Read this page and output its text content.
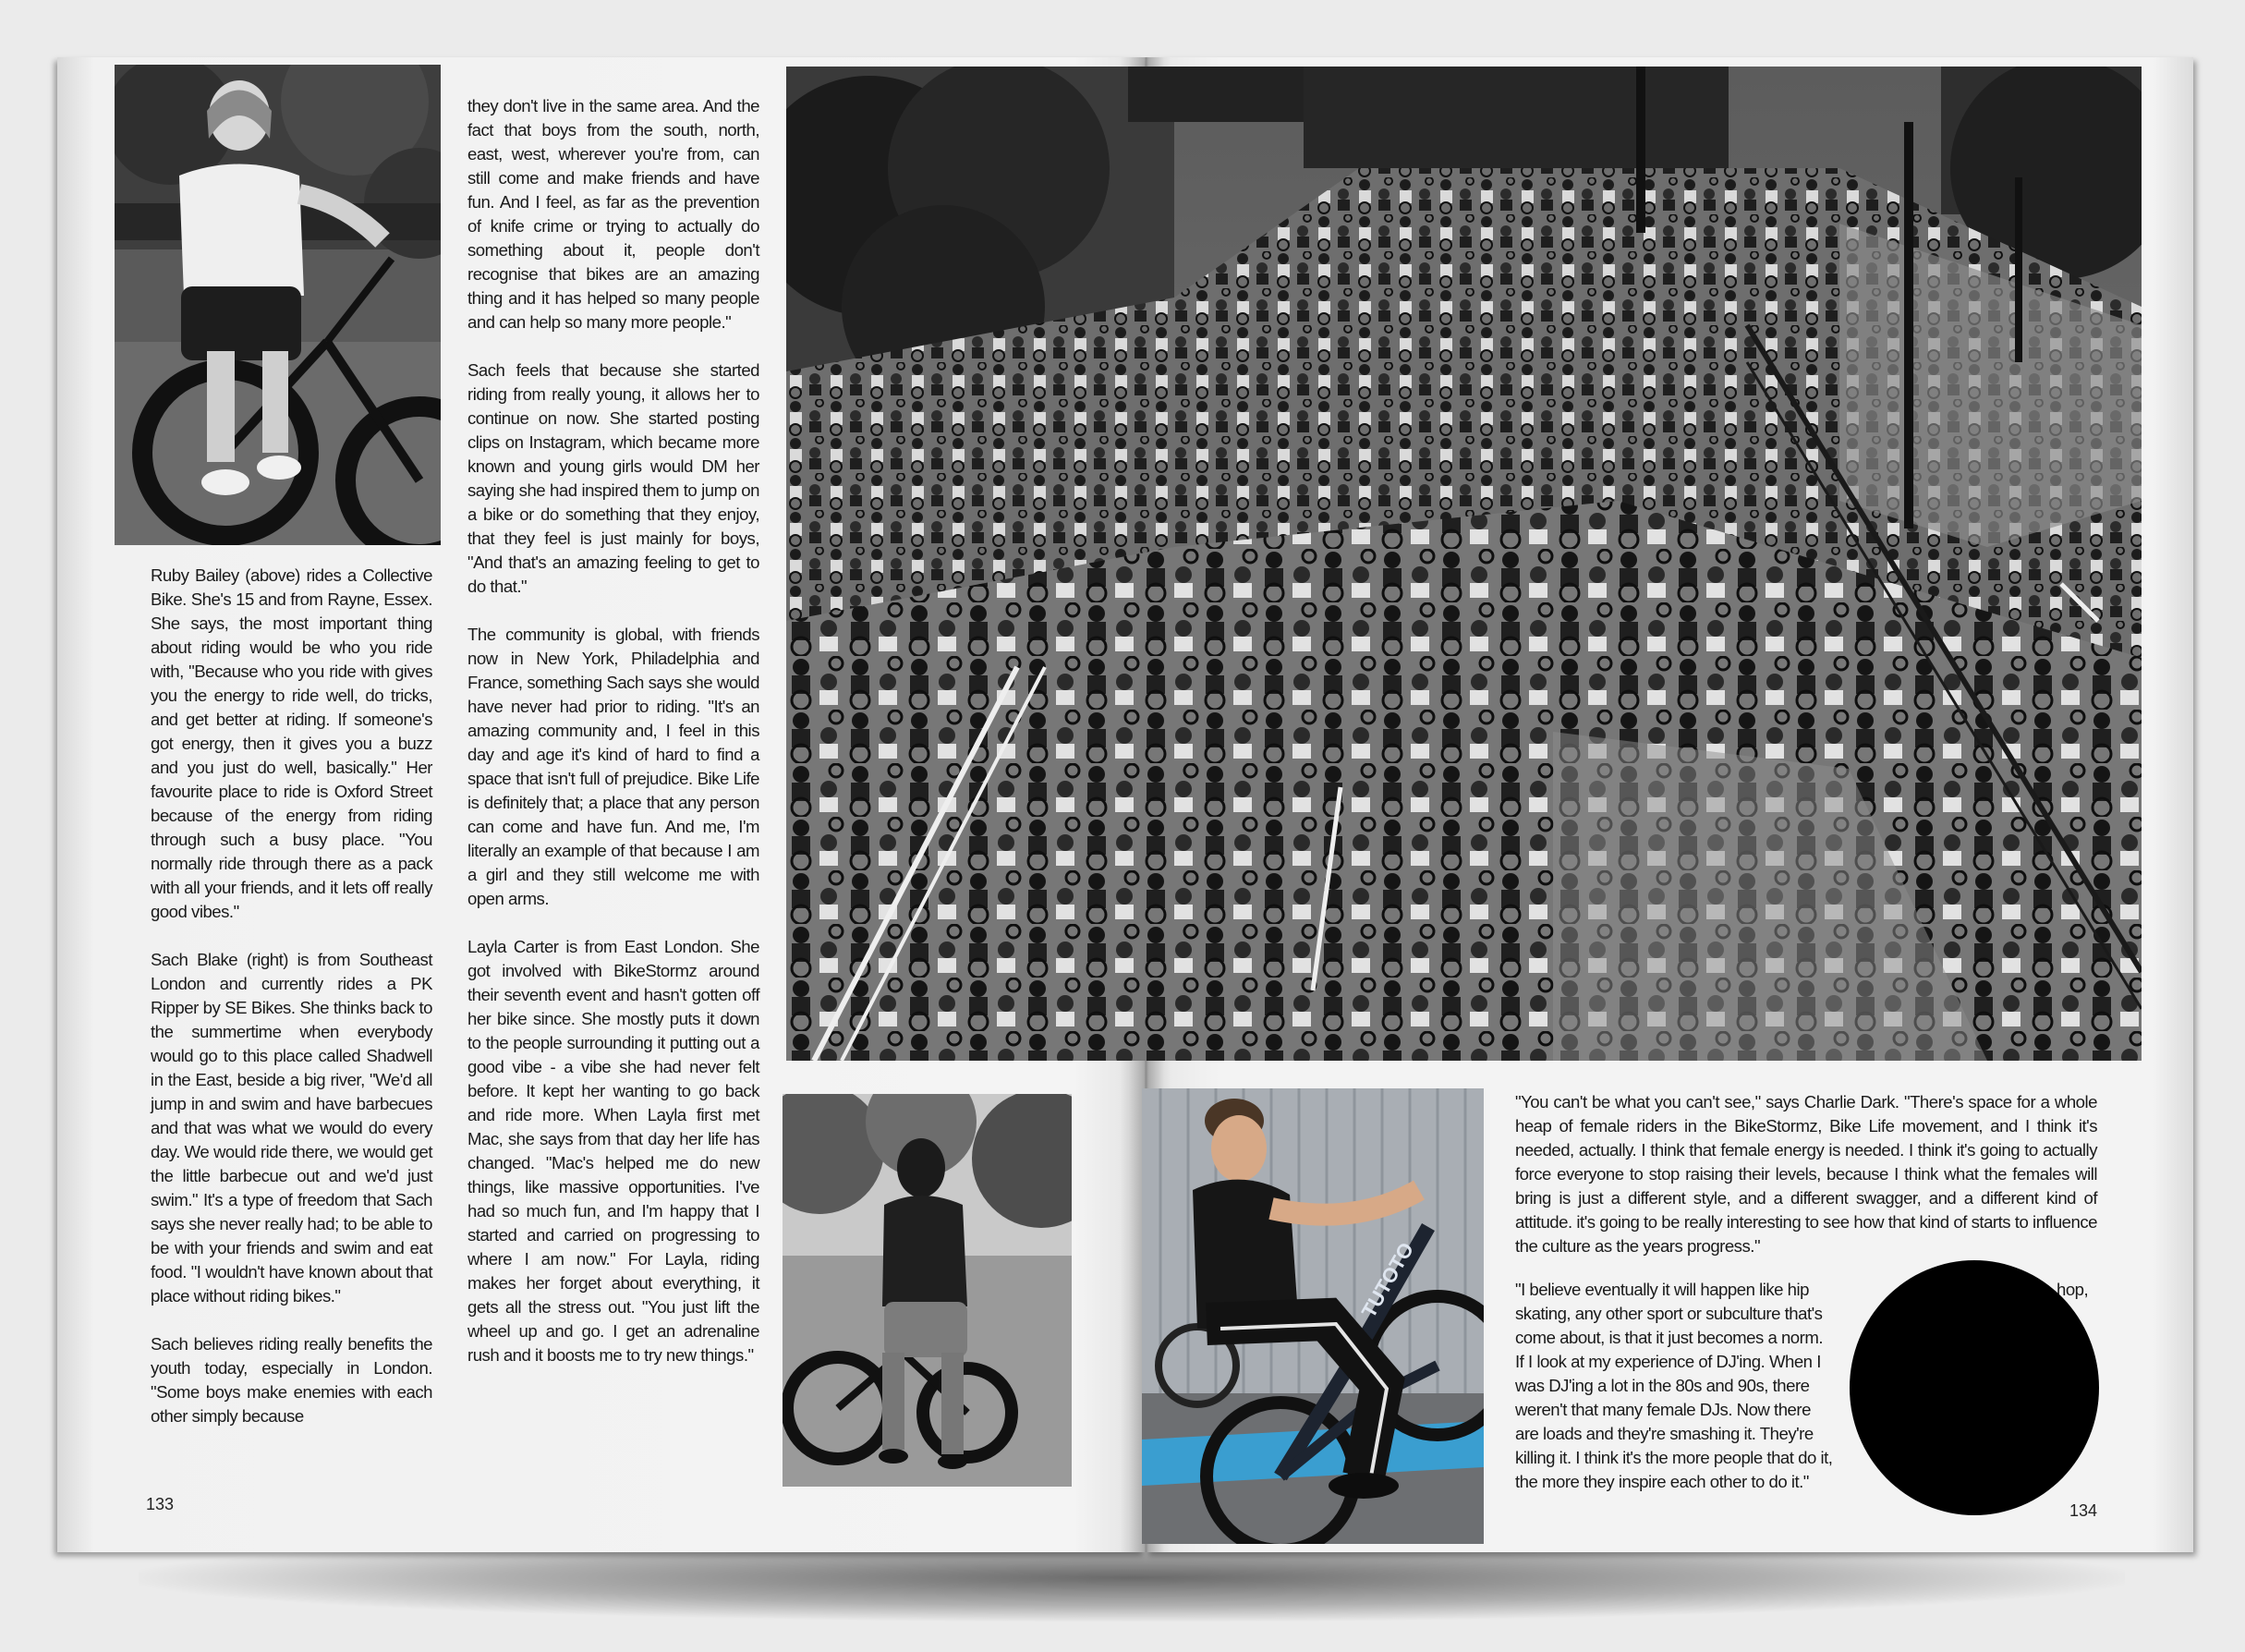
Ruby Bailey (above) rides a Collective Bike. She's 15 and from Rayne, Essex. She says, the most important thing about riding would be who you ride with, "Because who you ride with gives you the energy to ride well, do tricks, and get better at riding. If someone's got energy, then it gives you a buzz and you just do well, basically." Her favourite place to ride is Oxford Street because of the energy from riding through such a busy place. "You normally ride through there as a pack with all your friends, and it lets off really good vibes."

Sach Blake (right) is from Southeast London and currently rides a PK Ripper by SE Bikes. She thinks back to the summertime when everybody would go to this place called Shadwell in the East, beside a big river, "We'd all jump in and swim and have barbecues and that was what we would do every day. We would ride there, we would get the little barbecue out and we'd just swim." It's a type of freedom that Sach says she never really had; to be able to be with your friends and swim and eat food. "I wouldn't have known about that place without riding bikes."

Sach believes riding really benefits the youth today, especially in London. "Some boys make enemies with each other simply because

133

they don't live in the same area. And the fact that boys from the south, north, east, west, wherever you're from, can still come and make friends and have fun. And I feel, as far as the prevention of knife crime or trying to actually do something about it, people don't recognise that bikes are an amazing thing and it has helped so many people and can help so many more people."

Sach feels that because she started riding from really young, it allows her to continue on now. She started posting clips on Instagram, which became more known and young girls would DM her saying she had inspired them to jump on a bike or do something that they enjoy, that they feel is just mainly for boys, "And that's an amazing feeling to get to do that."

The community is global, with friends now in New York, Philadelphia and France, something Sach says she would have never had prior to riding. "It's an amazing community and, I feel in this day and age it's kind of hard to find a space that isn't full of prejudice. Bike Life is definitely that; a place that any person can come and have fun. And me, I'm literally an example of that because I am a girl and they still welcome me with open arms.

Layla Carter is from East London. She got involved with BikeStormz around their seventh event and hasn't gotten off her bike since. She mostly puts it down to the people surrounding it putting out a good vibe - a vibe she had never felt before. It kept her wanting to go back and ride more. When Layla first met Mac, she says from that day her life has changed. "Mac's helped me do new things, like massive opportunities. I've had so much fun, and I'm happy that I started and carried on progressing to where I am now." For Layla, riding makes her forget about everything, it gets all the stress out. "You just lift the wheel up and go. I get an adrenaline rush and it boosts me to try new things."

TUTOTO

"You can't be what you can't see," says Charlie Dark. "There's space for a whole heap of female riders in the BikeStormz, Bike Life movement, and I think it's needed, actually. I think that female energy is needed. I think it's going to actually force everyone to stop raising their levels, because I think what the females will bring is just a different style, and a different swagger, and a different kind of attitude. it's going to be really interesting to see how that kind of starts to influence the culture as the years progress."

"I believe eventually it will happen like hip
skating, any other sport or subculture that's
come about, is that it just becomes a norm.
If I look at my experience of DJ'ing. When I
was DJ'ing a lot in the 80s and 90s, there
weren't that many female DJs. Now there
are loads and they're smashing it. They're
killing it. I think it's the more people that do it,
the more they inspire each other to do it."
hop,
134
